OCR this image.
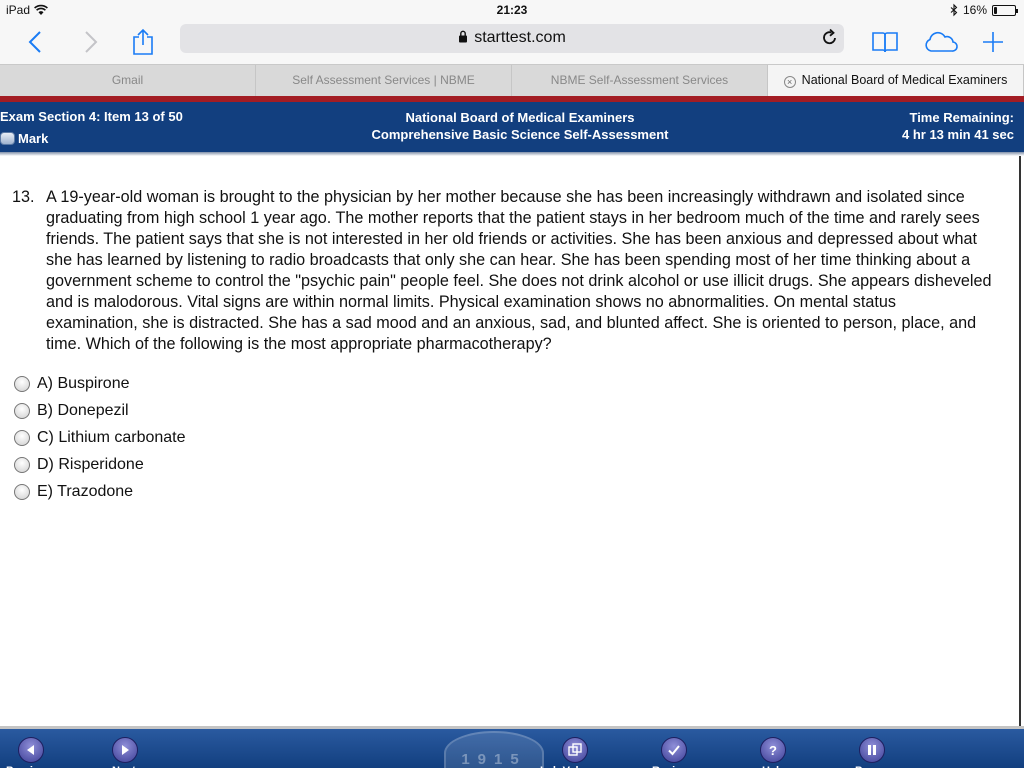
iPad	21:23	16%
starttest.com
Gmail	Self Assessment Services | NBME	NBME Self-Assessment Services	× National Board of Medical Examiners
Exam Section 4: Item 13 of 50
Mark
National Board of Medical Examiners
Comprehensive Basic Science Self-Assessment
Time Remaining:
4 hr 13 min 41 sec
13. A 19-year-old woman is brought to the physician by her mother because she has been increasingly withdrawn and isolated since graduating from high school 1 year ago. The mother reports that the patient stays in her bedroom much of the time and rarely sees friends. The patient says that she is not interested in her old friends or activities. She has been anxious and depressed about what she has learned by listening to radio broadcasts that only she can hear. She has been spending most of her time thinking about a government scheme to control the "psychic pain" people feel. She does not drink alcohol or use illicit drugs. She appears disheveled and is malodorous. Vital signs are within normal limits. Physical examination shows no abnormalities. On mental status examination, she is distracted. She has a sad mood and an anxious, sad, and blunted affect. She is oriented to person, place, and time. Which of the following is the most appropriate pharmacotherapy?
A) Buspirone
B) Donepezil
C) Lithium carbonate
D) Risperidone
E) Trazodone
1915
Previous	Next	Lab Values	Review
?
Help	Pause
